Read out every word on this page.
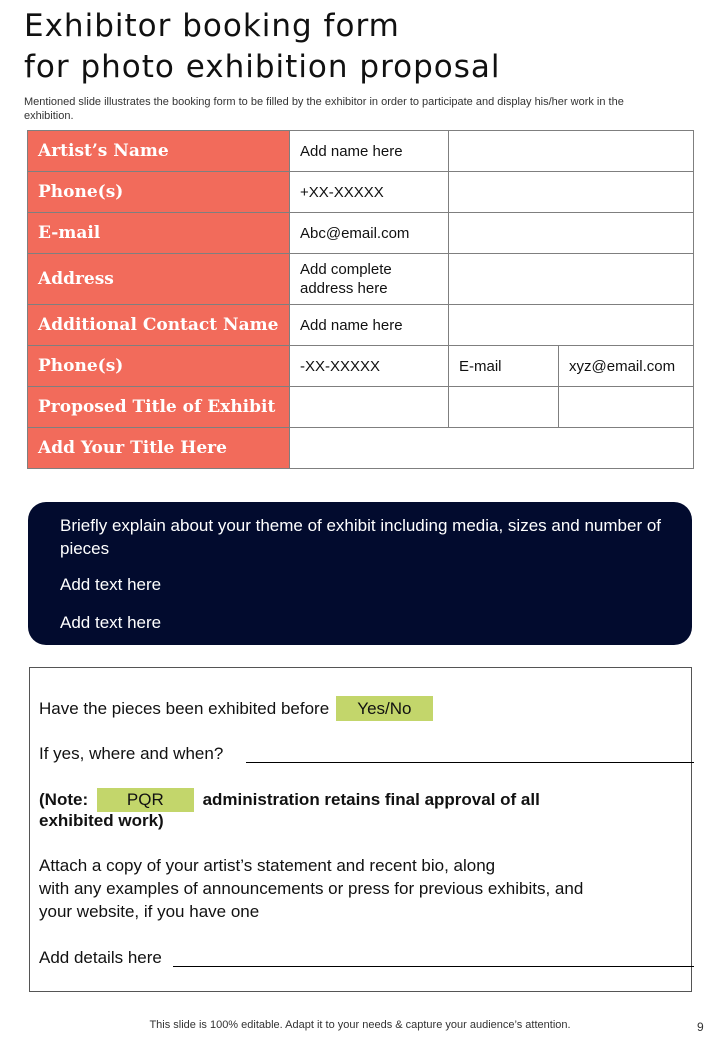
Exhibitor booking form
for photo exhibition proposal
Mentioned slide illustrates the booking form to be filled by the exhibitor in order to participate and display his/her work in the exhibition.
Artist’s Name	Add name here		
Phone(s)	+XX-XXXXX		
E-mail	Abc@email.com		
Address	Add complete address here		
Additional Contact Name	Add name here		
Phone(s)	-XX-XXXXX	E-mail	xyz@email.com
Proposed Title of Exhibit			
Add Your Title Here			
Briefly explain about your theme of exhibit including media, sizes and number of pieces
Add text here
Add text here
Have the pieces been exhibited before Yes/No
If yes, where and when?
(Note: PQR administration retains final approval of all
exhibited work)
Attach a copy of your artist’s statement and recent bio, along
with any examples of announcements or press for previous exhibits, and
your website, if you have one
Add details here
This slide is 100% editable. Adapt it to your needs & capture your audience’s attention.	9
